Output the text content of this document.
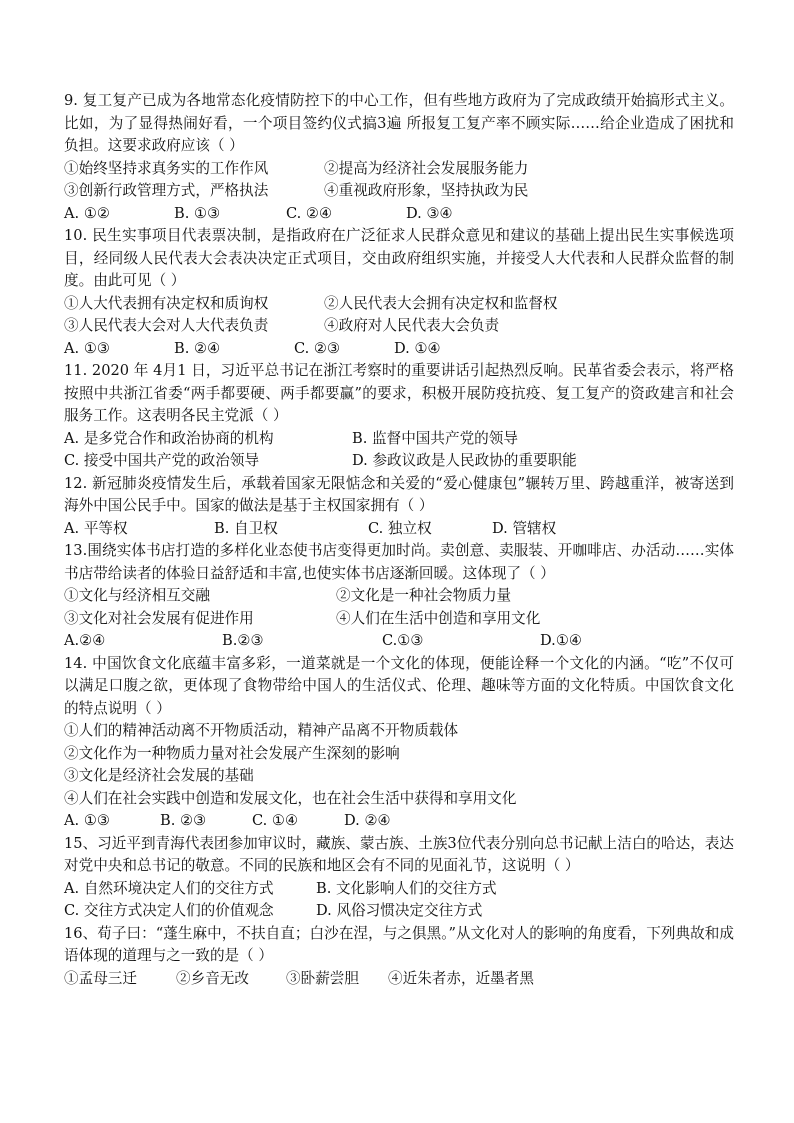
9. 复工复产已成为各地常态化疫情防控下的中心工作，但有些地方政府为了完成政绩开始搞形式主义。比如，为了显得热闹好看，一个项目签约仪式搞3遍 所报复工复产率不顾实际……给企业造成了困扰和负担。这要求政府应该（ ）

①始终坚持求真务实的工作作风	②提高为经济社会发展服务能力
③创新行政管理方式，严格执法	④重视政府形象，坚持执政为民
A. ①②	B. ①③	C. ②④	D. ③④

10. 民生实事项目代表票决制，是指政府在广泛征求人民群众意见和建议的基础上提出民生实事候选项目，经同级人民代表大会表决决定正式项目，交由政府组织实施，并接受人大代表和人民群众监督的制度。由此可见（ ）

①人大代表拥有决定权和质询权	②人民代表大会拥有决定权和监督权
③人民代表大会对人大代表负责	④政府对人民代表大会负责
A. ①③	B. ②④	C. ②③	D. ①④

11. 2020 年 4月1 日，习近平总书记在浙江考察时的重要讲话引起热烈反响。民革省委会表示，将严格按照中共浙江省委“两手都要硬、两手都要赢”的要求，积极开展防疫抗疫、复工复产的资政建言和社会服务工作。这表明各民主党派（ ）

A. 是多党合作和政治协商的机构	B. 监督中国共产党的领导
C. 接受中国共产党的政治领导	D. 参政议政是人民政协的重要职能

12. 新冠肺炎疫情发生后，承载着国家无限惦念和关爱的“爱心健康包”辗转万里、跨越重洋，被寄送到海外中国公民手中。国家的做法是基于主权国家拥有（ ）

A. 平等权	B. 自卫权	C. 独立权	D. 管辖权

13.围绕实体书店打造的多样化业态使书店变得更加时尚。卖创意、卖服装、开咖啡店、办活动……实体书店带给读者的体验日益舒适和丰富,也使实体书店逐渐回暖。这体现了（ ）

①文化与经济相互交融	②文化是一种社会物质力量
③文化对社会发展有促进作用	④人们在生活中创造和享用文化
A.②④	B.②③	C.①③	D.①④

14. 中国饮食文化底蕴丰富多彩，一道菜就是一个文化的体现，便能诠释一个文化的内涵。“吃”不仅可以满足口腹之欲，更体现了食物带给中国人的生活仪式、伦理、趣味等方面的文化特质。中国饮食文化的特点说明（ ）

①人们的精神活动离不开物质活动，精神产品离不开物质载体

②文化作为一种物质力量对社会发展产生深刻的影响

③文化是经济社会发展的基础

④人们在社会实践中创造和发展文化，也在社会生活中获得和享用文化

A. ①③	B. ②③	C. ①④	D. ②④

15、习近平到青海代表团参加审议时，藏族、蒙古族、土族3位代表分别向总书记献上洁白的哈达，表达对党中央和总书记的敬意。不同的民族和地区会有不同的见面礼节，这说明（ ）

A. 自然环境决定人们的交往方式	B. 文化影响人们的交往方式
C. 交往方式决定人们的价值观念	D. 风俗习惯决定交往方式

16、荀子曰：“蓬生麻中，不扶自直；白沙在涅，与之俱黑。”从文化对人的影响的角度看，下列典故和成语体现的道理与之一致的是（ ）

①孟母三迁	②乡音无改	③卧薪尝胆	④近朱者赤，近墨者黑
